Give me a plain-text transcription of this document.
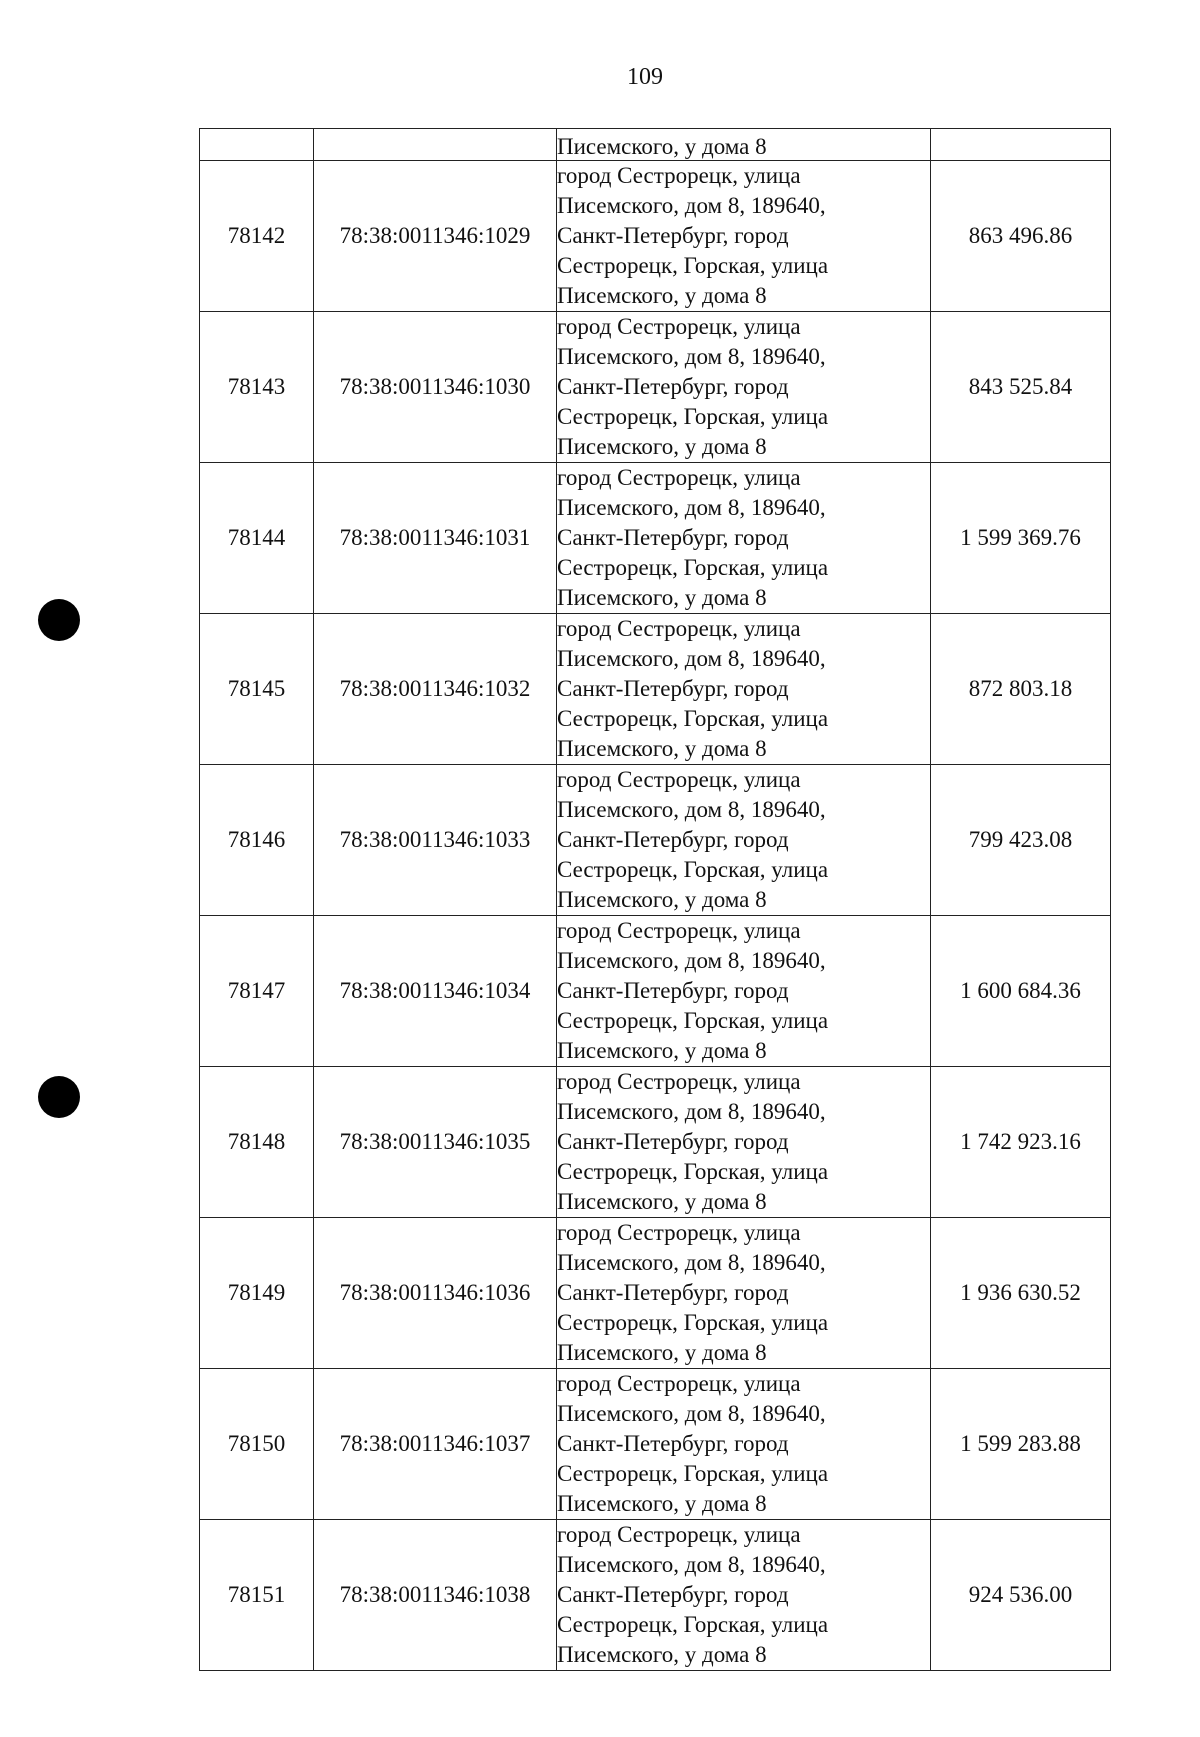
109
		Писемского, у дома 8	
78142	78:38:0011346:1029	город Сестрорецк, улица
Писемского, дом 8, 189640,
Санкт-Петербург, город
Сестрорецк, Горская, улица
Писемского, у дома 8	863 496.86
78143	78:38:0011346:1030	город Сестрорецк, улица
Писемского, дом 8, 189640,
Санкт-Петербург, город
Сестрорецк, Горская, улица
Писемского, у дома 8	843 525.84
78144	78:38:0011346:1031	город Сестрорецк, улица
Писемского, дом 8, 189640,
Санкт-Петербург, город
Сестрорецк, Горская, улица
Писемского, у дома 8	1 599 369.76
78145	78:38:0011346:1032	город Сестрорецк, улица
Писемского, дом 8, 189640,
Санкт-Петербург, город
Сестрорецк, Горская, улица
Писемского, у дома 8	872 803.18
78146	78:38:0011346:1033	город Сестрорецк, улица
Писемского, дом 8, 189640,
Санкт-Петербург, город
Сестрорецк, Горская, улица
Писемского, у дома 8	799 423.08
78147	78:38:0011346:1034	город Сестрорецк, улица
Писемского, дом 8, 189640,
Санкт-Петербург, город
Сестрорецк, Горская, улица
Писемского, у дома 8	1 600 684.36
78148	78:38:0011346:1035	город Сестрорецк, улица
Писемского, дом 8, 189640,
Санкт-Петербург, город
Сестрорецк, Горская, улица
Писемского, у дома 8	1 742 923.16
78149	78:38:0011346:1036	город Сестрорецк, улица
Писемского, дом 8, 189640,
Санкт-Петербург, город
Сестрорецк, Горская, улица
Писемского, у дома 8	1 936 630.52
78150	78:38:0011346:1037	город Сестрорецк, улица
Писемского, дом 8, 189640,
Санкт-Петербург, город
Сестрорецк, Горская, улица
Писемского, у дома 8	1 599 283.88
78151	78:38:0011346:1038	город Сестрорецк, улица
Писемского, дом 8, 189640,
Санкт-Петербург, город
Сестрорецк, Горская, улица
Писемского, у дома 8	924 536.00
